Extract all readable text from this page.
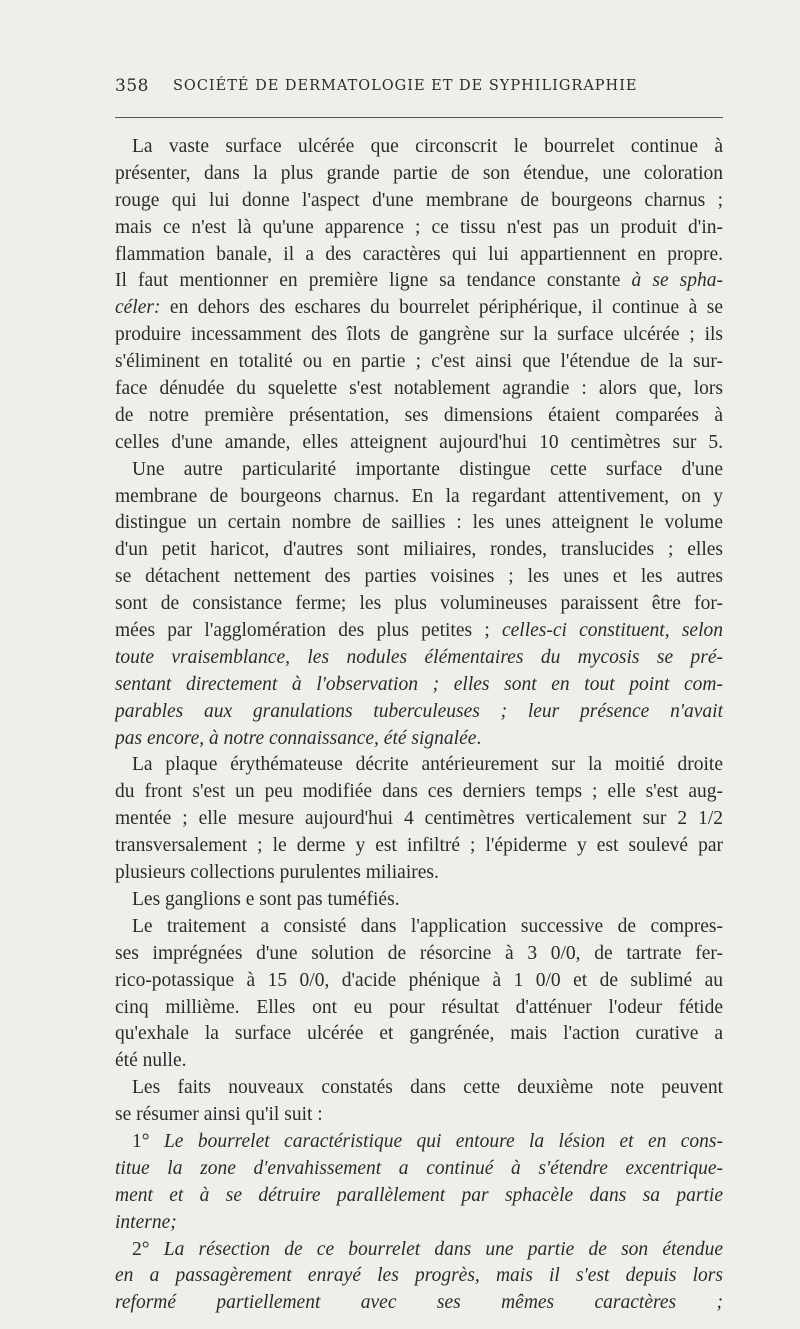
358 SOCIÉTÉ DE DERMATOLOGIE ET DE SYPHILIGRAPHIE
La vaste surface ulcérée que circonscrit le bourrelet continue à
présenter, dans la plus grande partie de son étendue, une coloration
rouge qui lui donne l'aspect d'une membrane de bourgeons charnus ;
mais ce n'est là qu'une apparence ; ce tissu n'est pas un produit d'in-
flammation banale, il a des caractères qui lui appartiennent en propre.
Il faut mentionner en première ligne sa tendance constante à se spha-
céler: en dehors des eschares du bourrelet périphérique, il continue à se
produire incessamment des îlots de gangrène sur la surface ulcérée ; ils
s'éliminent en totalité ou en partie ; c'est ainsi que l'étendue de la sur-
face dénudée du squelette s'est notablement agrandie : alors que, lors
de notre première présentation, ses dimensions étaient comparées à
celles d'une amande, elles atteignent aujourd'hui 10 centimètres sur 5.
Une autre particularité importante distingue cette surface d'une
membrane de bourgeons charnus. En la regardant attentivement, on y
distingue un certain nombre de saillies : les unes atteignent le volume
d'un petit haricot, d'autres sont miliaires, rondes, translucides ; elles
se détachent nettement des parties voisines ; les unes et les autres
sont de consistance ferme; les plus volumineuses paraissent être for-
mées par l'agglomération des plus petites ; celles-ci constituent, selon
toute vraisemblance, les nodules élémentaires du mycosis se pré-
sentant directement à l'observation ; elles sont en tout point com-
parables aux granulations tuberculeuses ; leur présence n'avait
pas encore, à notre connaissance, été signalée.
La plaque érythémateuse décrite antérieurement sur la moitié droite
du front s'est un peu modifiée dans ces derniers temps ; elle s'est aug-
mentée ; elle mesure aujourd'hui 4 centimètres verticalement sur 2 1/2
transversalement ; le derme y est infiltré ; l'épiderme y est soulevé par
plusieurs collections purulentes miliaires.
Les ganglions e sont pas tuméfiés.
Le traitement a consisté dans l'application successive de compres-
ses imprégnées d'une solution de résorcine à 3 0/0, de tartrate fer-
rico-potassique à 15 0/0, d'acide phénique à 1 0/0 et de sublimé au
cinq millième. Elles ont eu pour résultat d'atténuer l'odeur fétide
qu'exhale la surface ulcérée et gangrénée, mais l'action curative a
été nulle.
Les faits nouveaux constatés dans cette deuxième note peuvent
se résumer ainsi qu'il suit :
1° Le bourrelet caractéristique qui entoure la lésion et en cons-
titue la zone d'envahissement a continué à s'étendre excentrique-
ment et à se détruire parallèlement par sphacèle dans sa partie
interne;
2° La résection de ce bourrelet dans une partie de son étendue
en a passagèrement enrayé les progrès, mais il s'est depuis lors
reformé partiellement avec ses mêmes caractères ;
